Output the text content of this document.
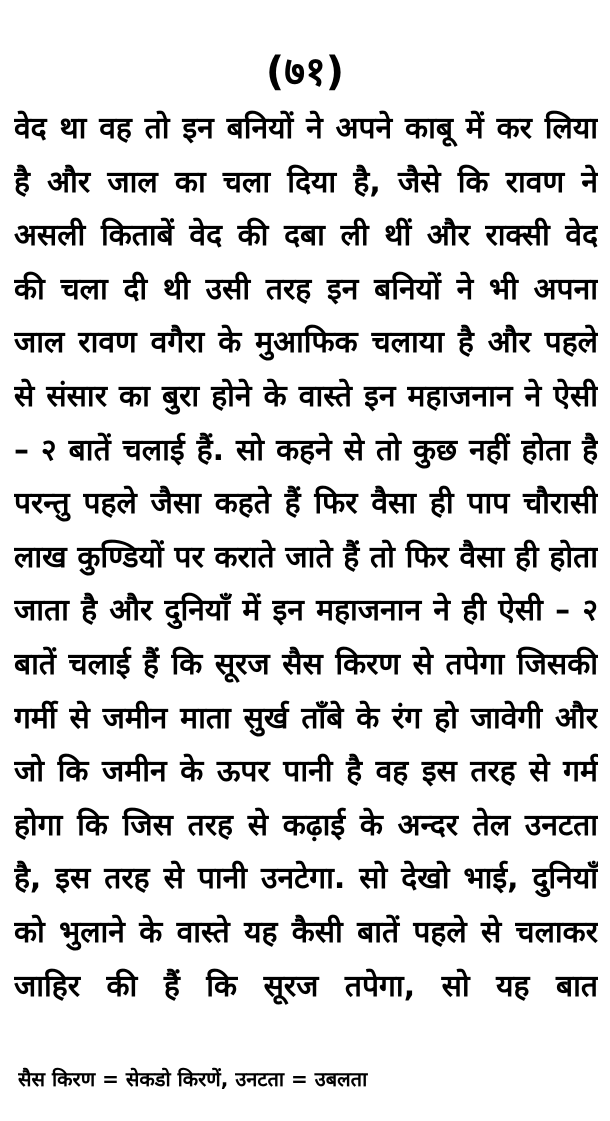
(७१)
वेद था वह तो इन बनियों ने अपने काबू में कर लिया
है और जाल का चला दिया है, जैसे कि रावण ने
असली किताबें वेद की दबा ली थीं और राक्सी वेद
की चला दी थी उसी तरह इन बनियों ने भी अपना
जाल रावण वगैरा के मुआफिक चलाया है और पहले
से संसार का बुरा होने के वास्ते इन महाजनान ने ऐसी
– २ बातें चलाई हैं. सो कहने से तो कुछ नहीं होता है
परन्तु पहले जैसा कहते हैं फिर वैसा ही पाप चौरासी
लाख कुण्डियों पर कराते जाते हैं तो फिर वैसा ही होता
जाता है और दुनियाँ में इन महाजनान ने ही ऐसी – २
बातें चलाई हैं कि सूरज सैस किरण से तपेगा जिसकी
गर्मी से जमीन माता सुर्ख ताँबे के रंग हो जावेगी और
जो कि जमीन के ऊपर पानी है वह इस तरह से गर्म
होगा कि जिस तरह से कढ़ाई के अन्दर तेल उनटता
है, इस तरह से पानी उनटेगा. सो देखो भाई, दुनियाँ
को भुलाने के वास्ते यह कैसी बातें पहले से चलाकर
जाहिर की हैं कि सूरज तपेगा, सो यह बात
सैस किरण = सेकडो किरणें, उनटता = उबलता
